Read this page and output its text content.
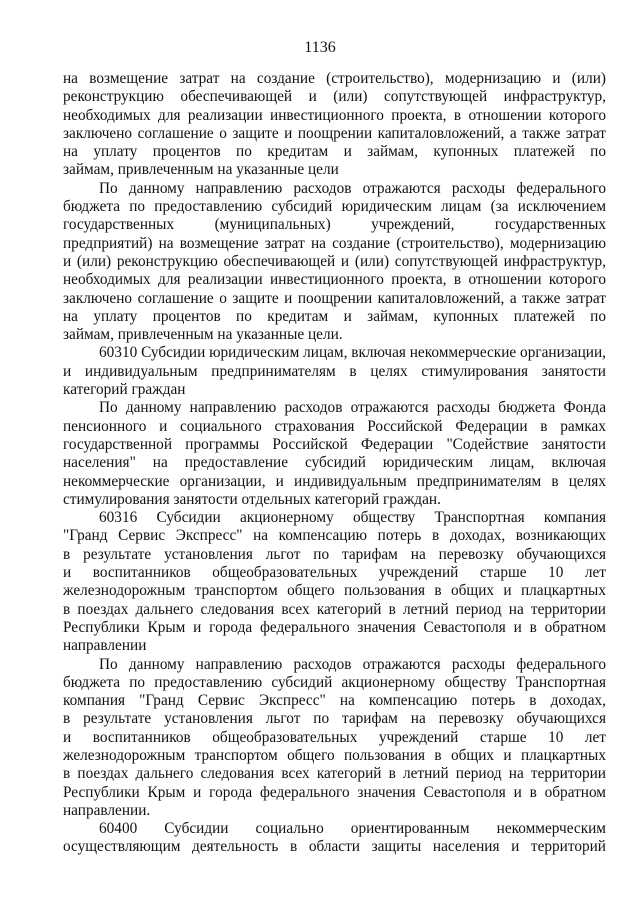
1136
на возмещение затрат на создание (строительство), модернизацию и (или)
реконструкцию обеспечивающей и (или) сопутствующей инфраструктур,
необходимых для реализации инвестиционного проекта, в отношении которого
заключено соглашение о защите и поощрении капиталовложений, а также затрат
на уплату процентов по кредитам и займам, купонных платежей по
займам, привлеченным на указанные цели
По данному направлению расходов отражаются расходы федерального
бюджета по предоставлению субсидий юридическим лицам (за исключением
государственных (муниципальных) учреждений, государственных
предприятий) на возмещение затрат на создание (строительство), модернизацию
и (или) реконструкцию обеспечивающей и (или) сопутствующей инфраструктур,
необходимых для реализации инвестиционного проекта, в отношении которого
заключено соглашение о защите и поощрении капиталовложений, а также затрат
на уплату процентов по кредитам и займам, купонных платежей по
займам, привлеченным на указанные цели.
60310 Субсидии юридическим лицам, включая некоммерческие организации,
и индивидуальным предпринимателям в целях стимулирования занятости
категорий граждан
По данному направлению расходов отражаются расходы бюджета Фонда
пенсионного и социального страхования Российской Федерации в рамках
государственной программы Российской Федерации "Содействие занятости
населения" на предоставление субсидий юридическим лицам, включая
некоммерческие организации, и индивидуальным предпринимателям в целях
стимулирования занятости отдельных категорий граждан.
60316 Субсидии акционерному обществу Транспортная компания
"Гранд Сервис Экспресс" на компенсацию потерь в доходах, возникающих
в результате установления льгот по тарифам на перевозку обучающихся
и воспитанников общеобразовательных учреждений старше 10 лет
железнодорожным транспортом общего пользования в общих и плацкартных
в поездах дальнего следования всех категорий в летний период на территории
Республики Крым и города федерального значения Севастополя и в обратном
направлении
По данному направлению расходов отражаются расходы федерального
бюджета по предоставлению субсидий акционерному обществу Транспортная
компания "Гранд Сервис Экспресс" на компенсацию потерь в доходах,
в результате установления льгот по тарифам на перевозку обучающихся
и воспитанников общеобразовательных учреждений старше 10 лет
железнодорожным транспортом общего пользования в общих и плацкартных
в поездах дальнего следования всех категорий в летний период на территории
Республики Крым и города федерального значения Севастополя и в обратном
направлении.
60400 Субсидии социально ориентированным некоммерческим
осуществляющим деятельность в области защиты населения и территорий
